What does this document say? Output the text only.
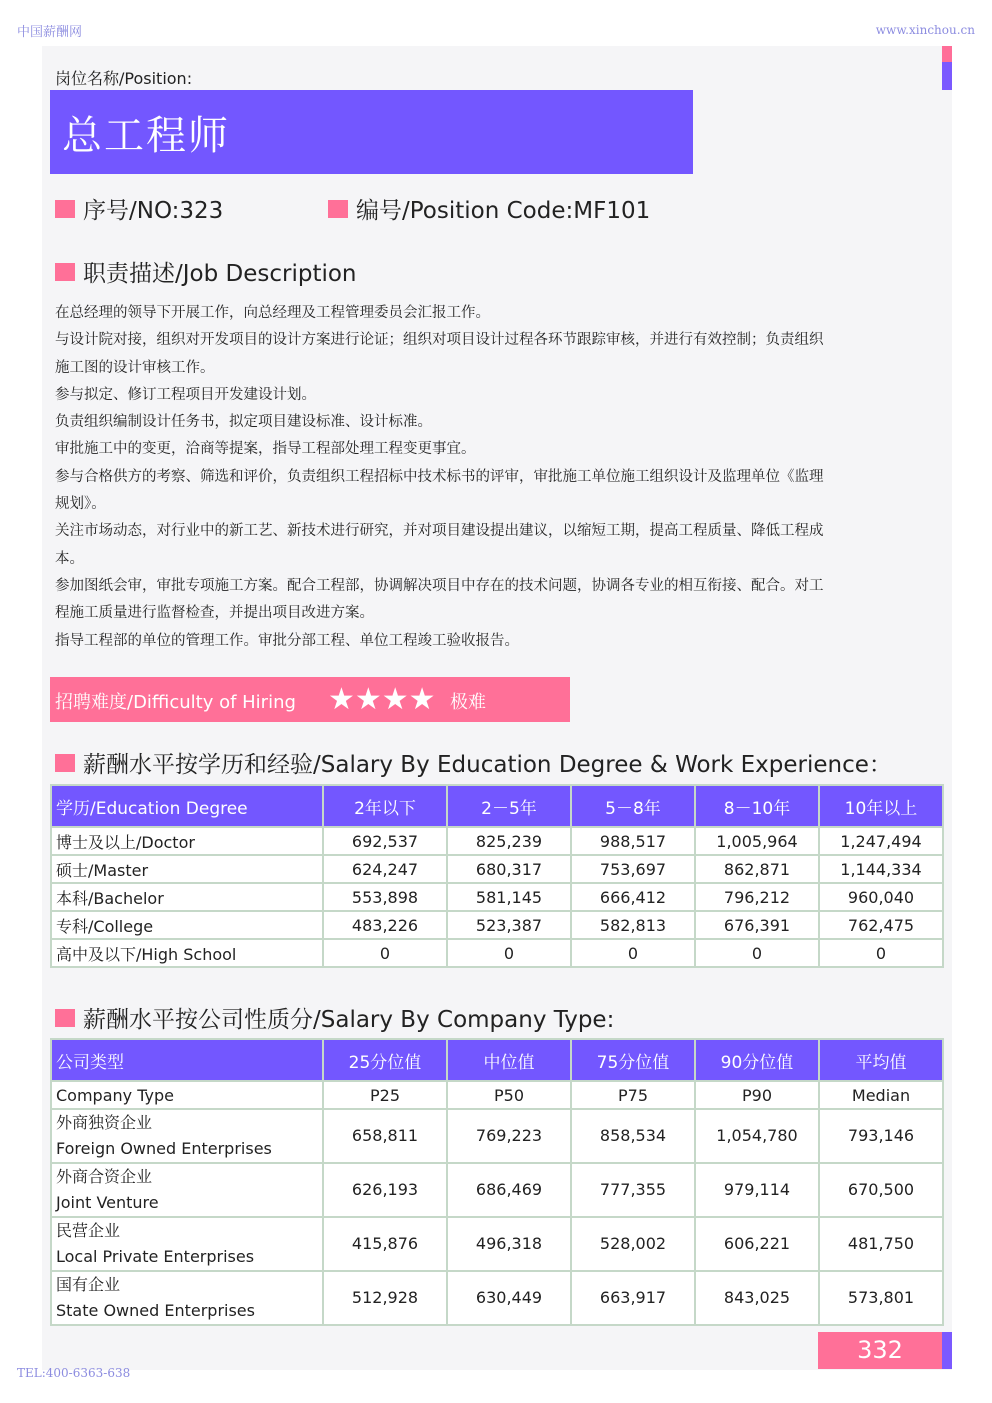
中国薪酬网	www.xinchou.cn
岗位名称/Position:
总工程师
序号/NO:323	编号/Position Code:MF101
职责描述/Job Description
在总经理的领导下开展工作，向总经理及工程管理委员会汇报工作。
与设计院对接，组织对开发项目的设计方案进行论证；组织对项目设计过程各环节跟踪审核，并进行有效控制；负责组织
施工图的设计审核工作。
参与拟定、修订工程项目开发建设计划。
负责组织编制设计任务书，拟定项目建设标准、设计标准。
审批施工中的变更，洽商等提案，指导工程部处理工程变更事宜。
参与合格供方的考察、筛选和评价，负责组织工程招标中技术标书的评审，审批施工单位施工组织设计及监理单位《监理
规划》。
关注市场动态，对行业中的新工艺、新技术进行研究，并对项目建设提出建议，以缩短工期，提高工程质量、降低工程成
本。
参加图纸会审，审批专项施工方案。配合工程部，协调解决项目中存在的技术问题，协调各专业的相互衔接、配合。对工
程施工质量进行监督检查，并提出项目改进方案。
指导工程部的单位的管理工作。审批分部工程、单位工程竣工验收报告。
招聘难度/Difficulty of Hiring ★★★★ 极难
薪酬水平按学历和经验/Salary By Education Degree & Work Experience：
学历/Education Degree	2年以下	2－5年	5－8年	8－10年	10年以上
博士及以上/Doctor	692,537	825,239	988,517	1,005,964	1,247,494
硕士/Master	624,247	680,317	753,697	862,871	1,144,334
本科/Bachelor	553,898	581,145	666,412	796,212	960,040
专科/College	483,226	523,387	582,813	676,391	762,475
高中及以下/High School	0	0	0	0	0
薪酬水平按公司性质分/Salary By Company Type:
公司类型	25分位值	中位值	75分位值	90分位值	平均值
Company Type	P25	P50	P75	P90	Median

外商独资企业
Foreign Owned Enterprises	658,811	769,223	858,534	1,054,780	793,146

外商合资企业
Joint Venture	626,193	686,469	777,355	979,114	670,500

民营企业
Local Private Enterprises	415,876	496,318	528,002	606,221	481,750

国有企业
State Owned Enterprises	512,928	630,449	663,917	843,025	573,801
332
TEL:400-6363-638
